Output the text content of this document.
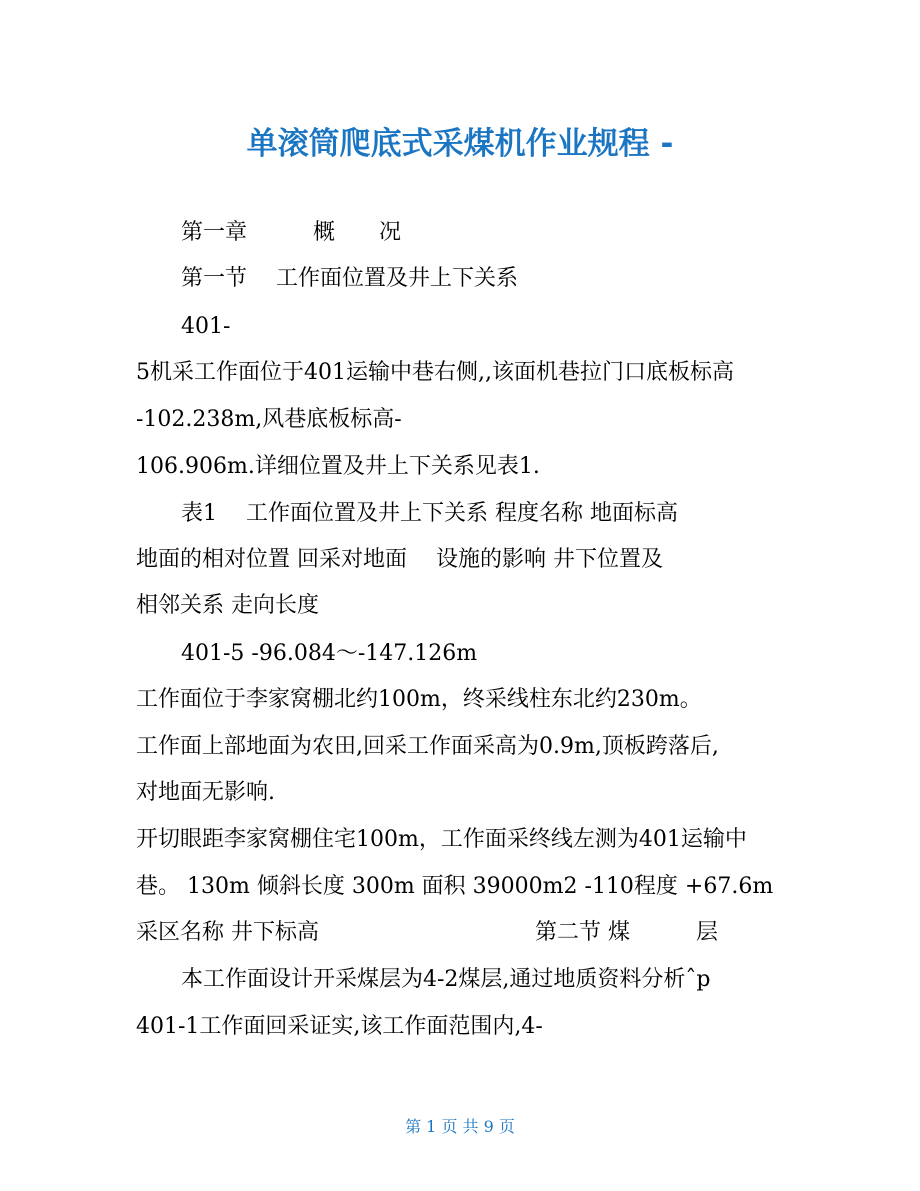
单滚筒爬底式采煤机作业规程 -
第一章　　　概　　况
第一节　 工作面位置及井上下关系
401-
5机采工作面位于401运输中巷右侧,,该面机巷拉门口底板标高
-102.238m,风巷底板标高-
106.906m.详细位置及井上下关系见表1.
表1　 工作面位置及井上下关系 程度名称 地面标高
地面的相对位置 回采对地面　 设施的影响 井下位置及
相邻关系 走向长度
401-5 -96.084～-147.126m
工作面位于李家窝棚北约100m，终采线柱东北约230m。
工作面上部地面为农田,回采工作面采高为0.9m,顶板跨落后,
对地面无影响.
开切眼距李家窝棚住宅100m，工作面采终线左测为401运输中
巷。 130m 倾斜长度 300m 面积 39000m2 -110程度 +67.6m
采区名称 井下标高	第二节 煤　　　层
本工作面设计开采煤层为4-2煤层,通过地质资料分析ˆp
401-1工作面回采证实,该工作面范围内,4-
第 1 页 共 9 页
